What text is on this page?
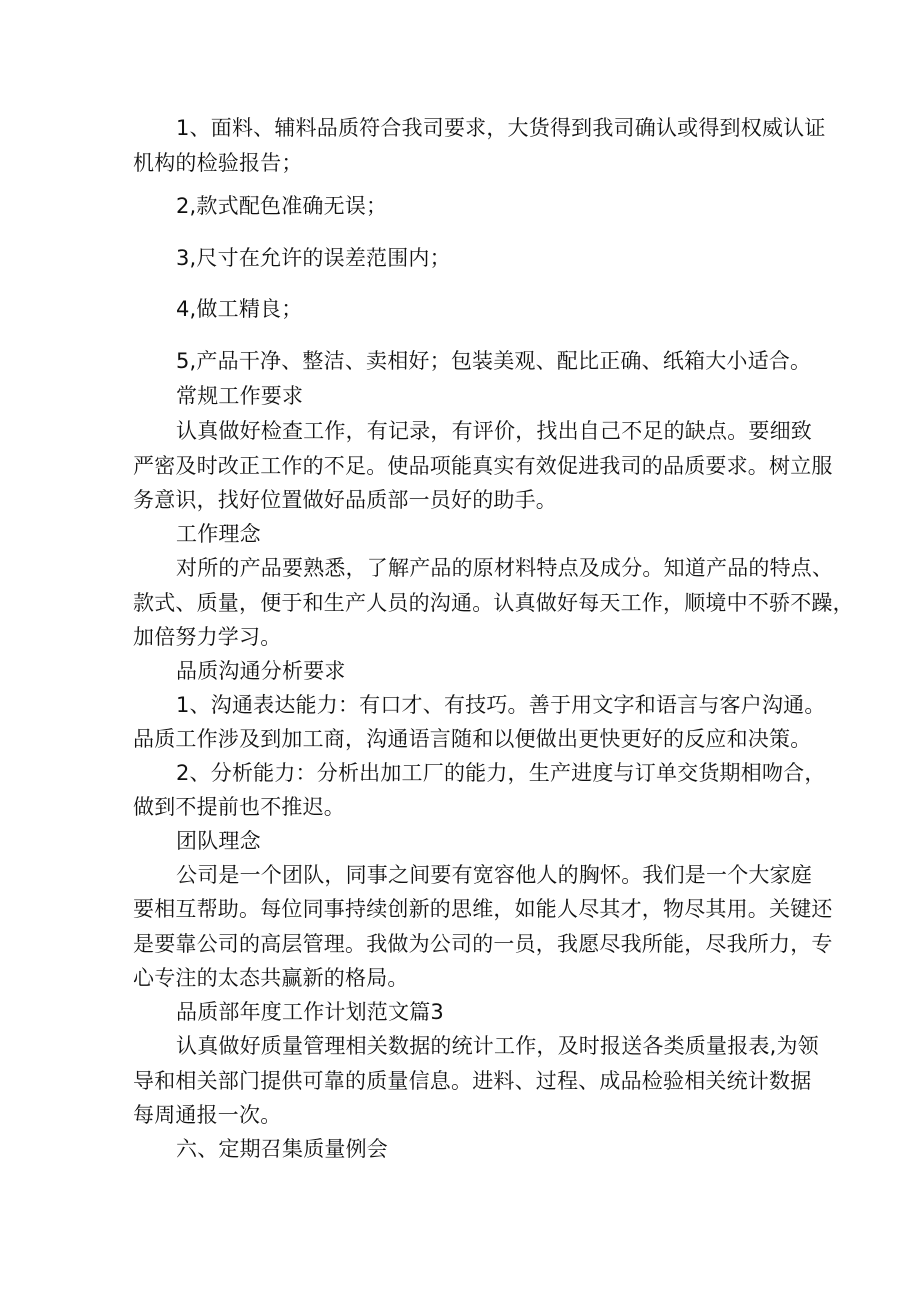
1、面料、辅料品质符合我司要求，大货得到我司确认或得到权威认证
机构的检验报告；
2,款式配色准确无误；
3,尺寸在允许的误差范围内；
4,做工精良；
5,产品干净、整洁、卖相好；包装美观、配比正确、纸箱大小适合。
常规工作要求
认真做好检查工作，有记录，有评价，找出自己不足的缺点。要细致
严密及时改正工作的不足。使品项能真实有效促进我司的品质要求。树立服
务意识，找好位置做好品质部一员好的助手。
工作理念
对所的产品要熟悉，了解产品的原材料特点及成分。知道产品的特点、
款式、质量，便于和生产人员的沟通。认真做好每天工作，顺境中不骄不躁，
加倍努力学习。
品质沟通分析要求
1、沟通表达能力：有口才、有技巧。善于用文字和语言与客户沟通。
品质工作涉及到加工商，沟通语言随和以便做出更快更好的反应和决策。
2、分析能力：分析出加工厂的能力，生产进度与订单交货期相吻合，
做到不提前也不推迟。
团队理念
公司是一个团队，同事之间要有宽容他人的胸怀。我们是一个大家庭
要相互帮助。每位同事持续创新的思维，如能人尽其才，物尽其用。关键还
是要靠公司的高层管理。我做为公司的一员，我愿尽我所能，尽我所力，专
心专注的太态共赢新的格局。
品质部年度工作计划范文篇3
认真做好质量管理相关数据的统计工作，及时报送各类质量报表,为领
导和相关部门提供可靠的质量信息。进料、过程、成品检验相关统计数据
每周通报一次。
六、定期召集质量例会
